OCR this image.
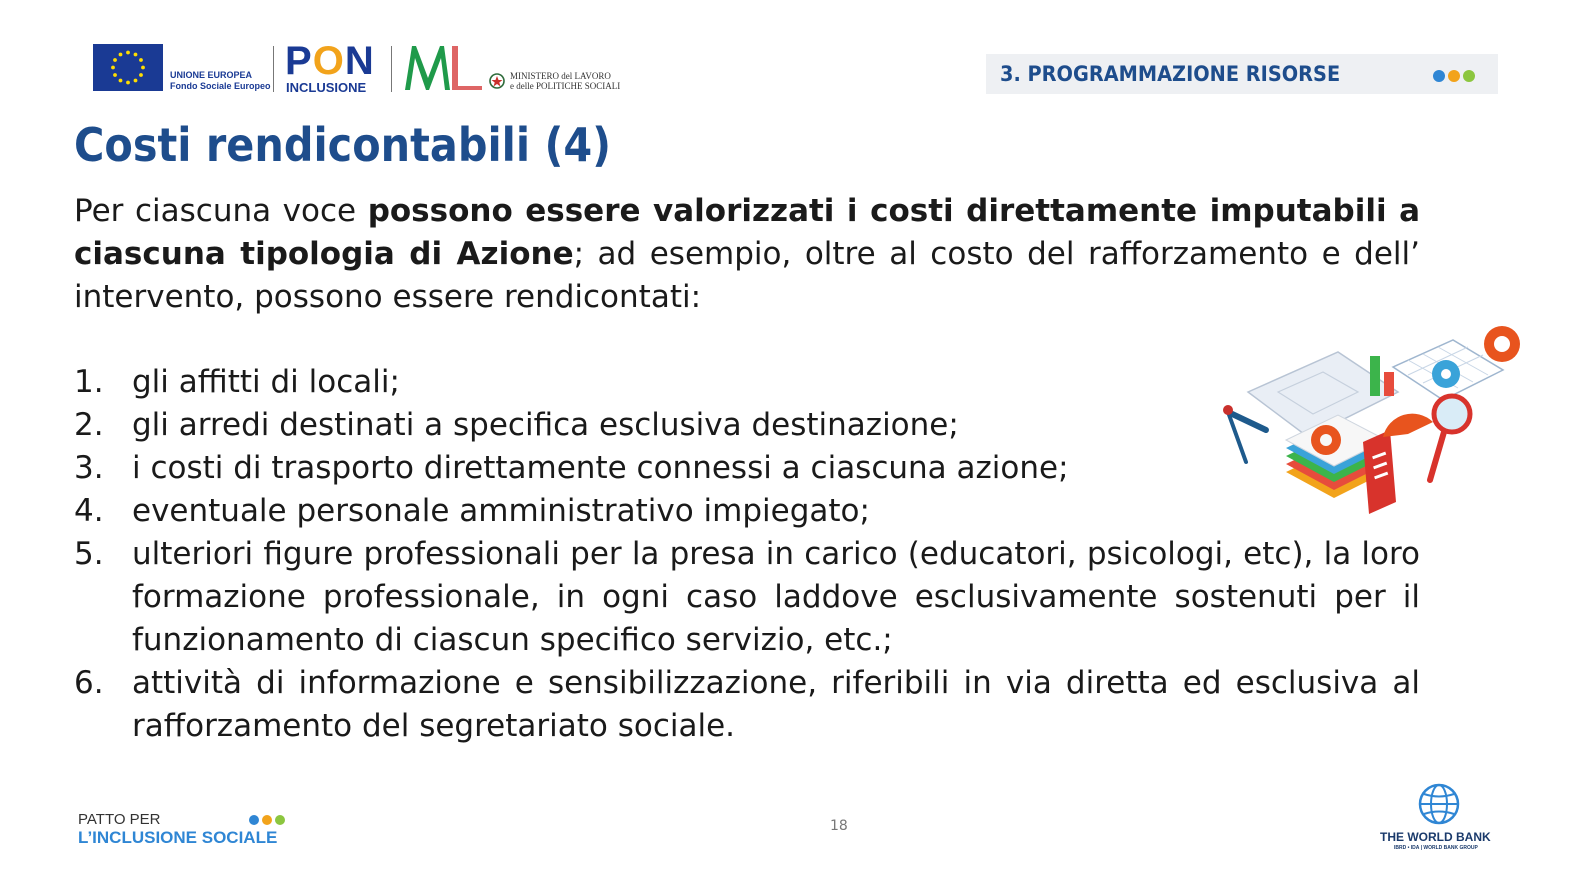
UNIONE EUROPEA
Fondo Sociale Europeo
PON
INCLUSIONE
MINISTERO del LAVORO
e delle POLITICHE SOCIALI	3. PROGRAMMAZIONE RISORSE
Costi rendicontabili (4)
Per ciascuna voce possono essere valorizzati i costi direttamente imputabili a ciascuna tipologia di Azione; ad esempio, oltre al costo del rafforzamento e dell’ intervento, possono essere rendicontati:
1. gli affitti di locali;
2. gli arredi destinati a specifica esclusiva destinazione;
3. i costi di trasporto direttamente connessi a ciascuna azione;
4. eventuale personale amministrativo impiegato;
5. ulteriori figure professionali per la presa in carico (educatori, psicologi, etc), la loro formazione professionale, in ogni caso laddove esclusivamente sostenuti per il funzionamento di ciascun specifico servizio, etc.;
6. attività di informazione e sensibilizzazione, riferibili in via diretta ed esclusiva al rafforzamento del segretariato sociale.
PATTO PER
L’INCLUSIONE SOCIALE
18
THE WORLD BANK
IBRD • IDA | WORLD BANK GROUP
